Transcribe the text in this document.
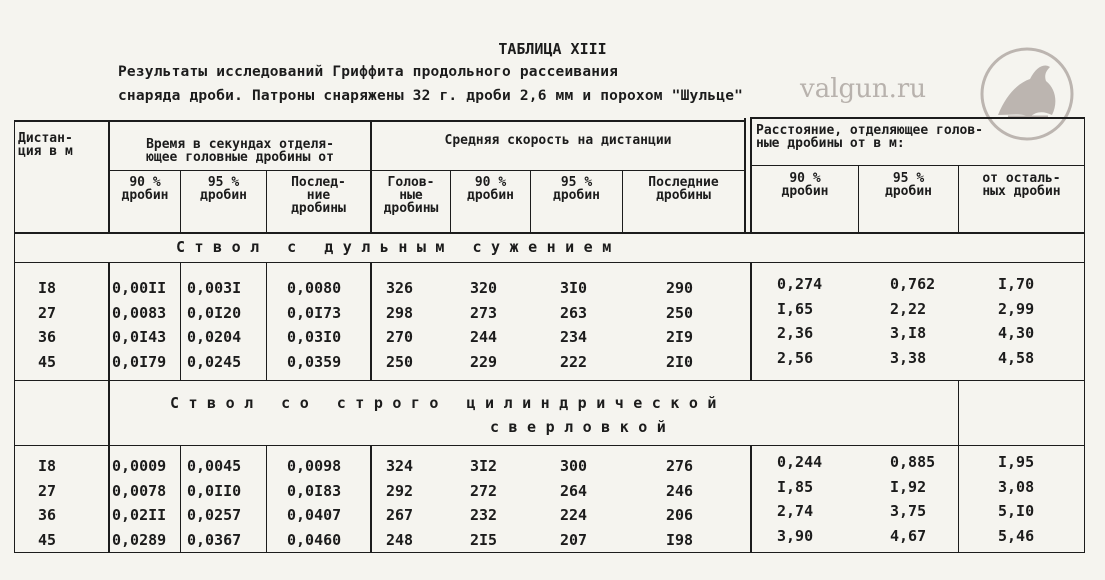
ТАБЛИЦА XIII
Результаты исследований Гриффита продольного рассеивания
снаряда дроби. Патроны снаряжены 32 г. дроби 2,6 мм и порохом "Шульце" valgun.ru
Дистан-
ция в м	Время в секундах отделя-
ющее головные дробины от
Средняя скорость на дистанции
Расстояние, отделяющее голов-
ные дробины от в м:
90 %
дробин
95 %
дробин
Послед-
ние
дробины
Голов-
ные
дробины
90 %
дробин
95 %
дробин
Последние
дробины
90 %
дробин
95 %
дробин
от осталь-
ных дробин
Ствол с дульным сужением
Ствол со строго цилиндрической
сверловкой
I8
27
36
45
0,00II
0,0083
0,0I43
0,0I79
0,003I
0,0I20
0,0204
0,0245
0,0080
0,0I73
0,03I0
0,0359
326
298
270
250
320
273
244
229
3I0
263
234
222
290
250
2I9
2I0
0,274
I,65
2,36
2,56
0,762
2,22
3,I8
3,38
I,70
2,99
4,30
4,58
I8
27
36
45
0,0009
0,0078
0,02II
0,0289
0,0045
0,0II0
0,0257
0,0367
0,0098
0,0I83
0,0407
0,0460
324
292
267
248
3I2
272
232
2I5
300
264
224
207
276
246
206
I98
0,244
I,85
2,74
3,90
0,885
I,92
3,75
4,67
I,95
3,08
5,I0
5,46
